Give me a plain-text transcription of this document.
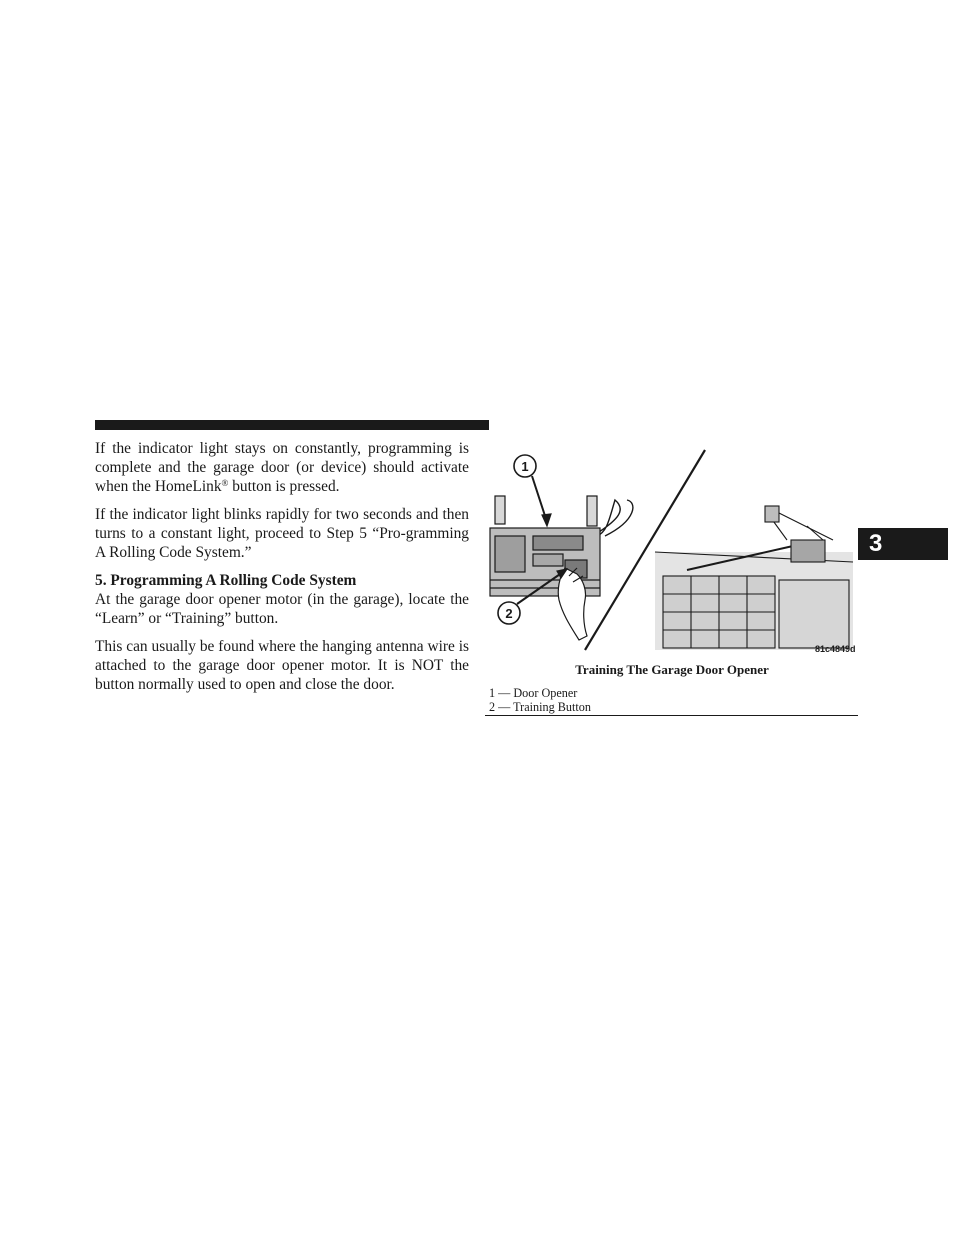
If the indicator light stays on constantly, programming is complete and the garage door (or device) should activate when the HomeLink® button is pressed.

If the indicator light blinks rapidly for two seconds and then turns to a constant light, proceed to Step 5 “Pro-gramming A Rolling Code System.”

5. Programming A Rolling Code System

At the garage door opener motor (in the garage), locate the “Learn” or “Training” button.

This can usually be found where the hanging antenna wire is attached to the garage door opener motor. It is NOT the button normally used to open and close the door.

1
2
81c4849d
Training The Garage Door Opener
1 — Door Opener
2 — Training Button
3
